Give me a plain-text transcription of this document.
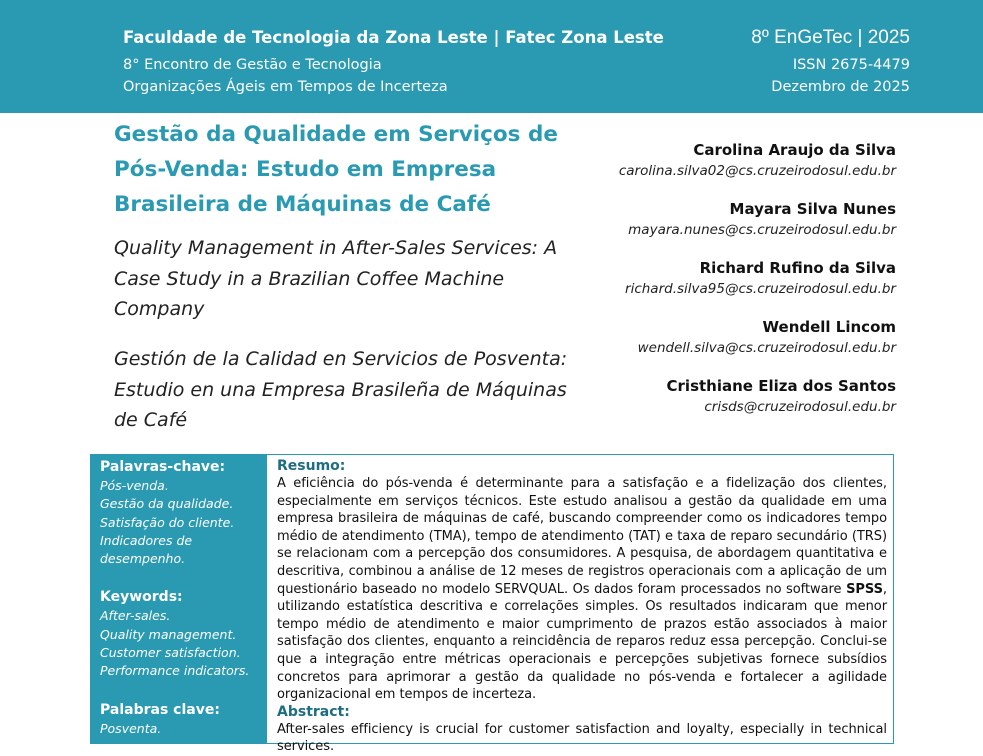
Faculdade de Tecnologia da Zona Leste | Fatec Zona Leste
8° Encontro de Gestão e Tecnologia
Organizações Ágeis em Tempos de Incerteza
8º EnGeTec | 2025
ISSN 2675-4479
Dezembro de 2025
Gestão da Qualidade em Serviços de Pós-Venda: Estudo em Empresa Brasileira de Máquinas de Café
Quality Management in After-Sales Services: A Case Study in a Brazilian Coffee Machine Company
Gestión de la Calidad en Servicios de Posventa: Estudio en una Empresa Brasileña de Máquinas de Café
Carolina Araujo da Silva
carolina.silva02@cs.cruzeirodosul.edu.br
Mayara Silva Nunes
mayara.nunes@cs.cruzeirodosul.edu.br
Richard Rufino da Silva
richard.silva95@cs.cruzeirodosul.edu.br
Wendell Lincom
wendell.silva@cs.cruzeirodosul.edu.br
Cristhiane Eliza dos Santos
crisds@cruzeirodosul.edu.br
Palavras-chave:
Pós-venda.
Gestão da qualidade.
Satisfação do cliente.
Indicadores de desempenho.
Keywords:
After-sales.
Quality management.
Customer satisfaction.
Performance indicators.
Palabras clave:
Posventa.
Resumo:

A eficiência do pós-venda é determinante para a satisfação e a fidelização dos clientes, especialmente em serviços técnicos. Este estudo analisou a gestão da qualidade em uma empresa brasileira de máquinas de café, buscando compreender como os indicadores tempo médio de atendimento (TMA), tempo de atendimento (TAT) e taxa de reparo secundário (TRS) se relacionam com a percepção dos consumidores. A pesquisa, de abordagem quantitativa e descritiva, combinou a análise de 12 meses de registros operacionais com a aplicação de um questionário baseado no modelo SERVQUAL. Os dados foram processados no software SPSS, utilizando estatística descritiva e correlações simples. Os resultados indicaram que menor tempo médio de atendimento e maior cumprimento de prazos estão associados à maior satisfação dos clientes, enquanto a reincidência de reparos reduz essa percepção. Conclui-se que a integração entre métricas operacionais e percepções subjetivas fornece subsídios concretos para aprimorar a gestão da qualidade no pós-venda e fortalecer a agilidade organizacional em tempos de incerteza.

Abstract:

After-sales efficiency is crucial for customer satisfaction and loyalty, especially in technical services.
